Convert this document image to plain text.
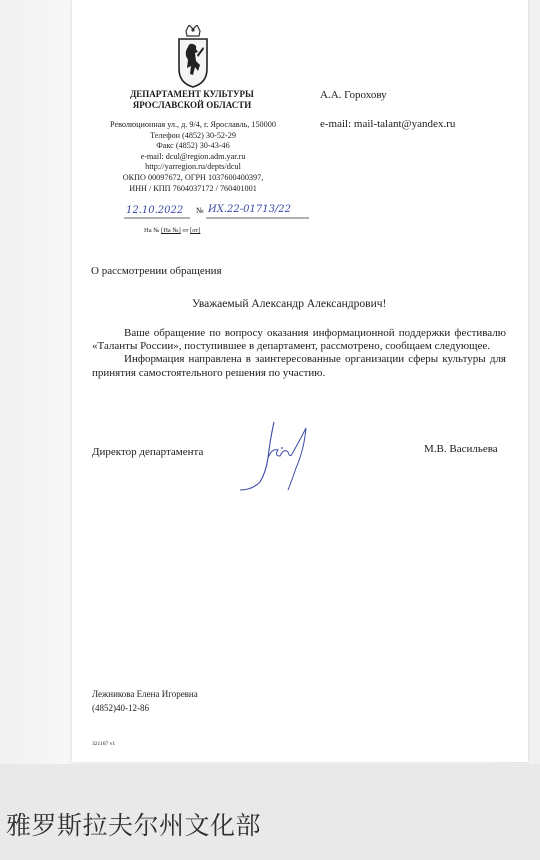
ДЕПАРТАМЕНТ КУЛЬТУРЫ
ЯРОСЛАВСКОЙ ОБЛАСТИ
Революционная ул., д. 9/4, г. Ярославль, 150000
Телефон (4852) 30-52-29
Факс (4852) 30-43-46
e-mail: dcul@region.adm.yar.ru
http://yarregion.ru/depts/dcul
ОКПО 00097672, ОГРН 1037600400397,
ИНН / КПП 7604037172 / 760401001
12.10.2022 № ИХ.22-01713/22
На № [На №] от [от]
А.А. Горохову
e-mail: mail-talant@yandex.ru
О рассмотрении обращения
Уважаемый Александр Александрович!

Ваше обращение по вопросу оказания информационной поддержки фестивалю «Таланты России», поступившее в департамент, рассмотрено, сообщаем следующее.

Информация направлена в заинтересованные организации сферы культуры для принятия самостоятельного решения по участию.

Директор департамента	М.В. Васильева
Лежникова Елена Игоревна
(4852)40-12-86
321167 v1
雅罗斯拉夫尔州文化部
